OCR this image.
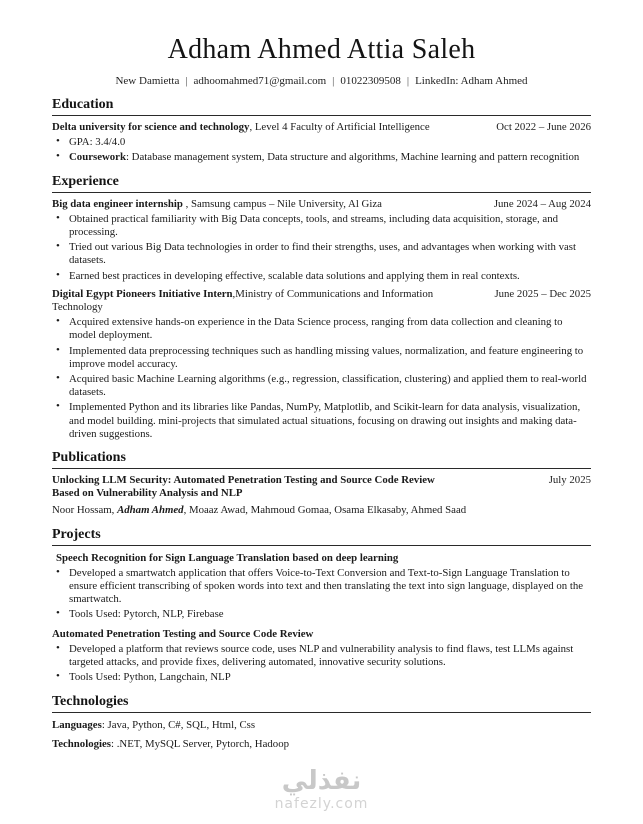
Adham Ahmed Attia Saleh
New Damietta | adhoomahmed71@gmail.com | 01022309508 | LinkedIn: Adham Ahmed
Education
Delta university for science and technology, Level 4 Faculty of Artificial Intelligence	Oct 2022 – June 2026
• GPA: 3.4/4.0
• Coursework: Database management system, Data structure and algorithms, Machine learning and pattern recognition
Experience
Big data engineer internship , Samsung campus – Nile University, Al Giza	June 2024 – Aug 2024
• Obtained practical familiarity with Big Data concepts, tools, and streams, including data acquisition, storage, and processing.
• Tried out various Big Data technologies in order to find their strengths, uses, and advantages when working with vast datasets.
• Earned best practices in developing effective, scalable data solutions and applying them in real contexts.
Digital Egypt Pioneers Initiative Intern,Ministry of Communications and Information Technology
June 2025 – Dec 2025
• Acquired extensive hands-on experience in the Data Science process, ranging from data collection and cleaning to model deployment.
• Implemented data preprocessing techniques such as handling missing values, normalization, and feature engineering to improve model accuracy.
• Acquired basic Machine Learning algorithms (e.g., regression, classification, clustering) and applied them to real-world datasets.
• Implemented Python and its libraries like Pandas, NumPy, Matplotlib, and Scikit-learn for data analysis, visualization, and model building. mini-projects that simulated actual situations, focusing on drawing out insights and making data-driven suggestions.
Publications
Unlocking LLM Security: Automated Penetration Testing and Source Code Review Based on Vulnerability Analysis and NLP
July 2025
Noor Hossam, Adham Ahmed, Moaaz Awad, Mahmoud Gomaa, Osama Elkasaby, Ahmed Saad
Projects
Speech Recognition for Sign Language Translation based on deep learning
• Developed a smartwatch application that offers Voice-to-Text Conversion and Text-to-Sign Language Translation to ensure efficient transcribing of spoken words into text and then translating the text into sign language, displayed on the smartwatch.
• Tools Used: Pytorch, NLP, Firebase
Automated Penetration Testing and Source Code Review
• Developed a platform that reviews source code, uses NLP and vulnerability analysis to find flaws, test LLMs against targeted attacks, and provide fixes, delivering automated, innovative security solutions.
• Tools Used: Python, Langchain, NLP
Technologies
Languages: Java, Python, C#, SQL, Html, Css
Technologies: .NET, MySQL Server, Pytorch, Hadoop
نفذلي
nafezly.com
